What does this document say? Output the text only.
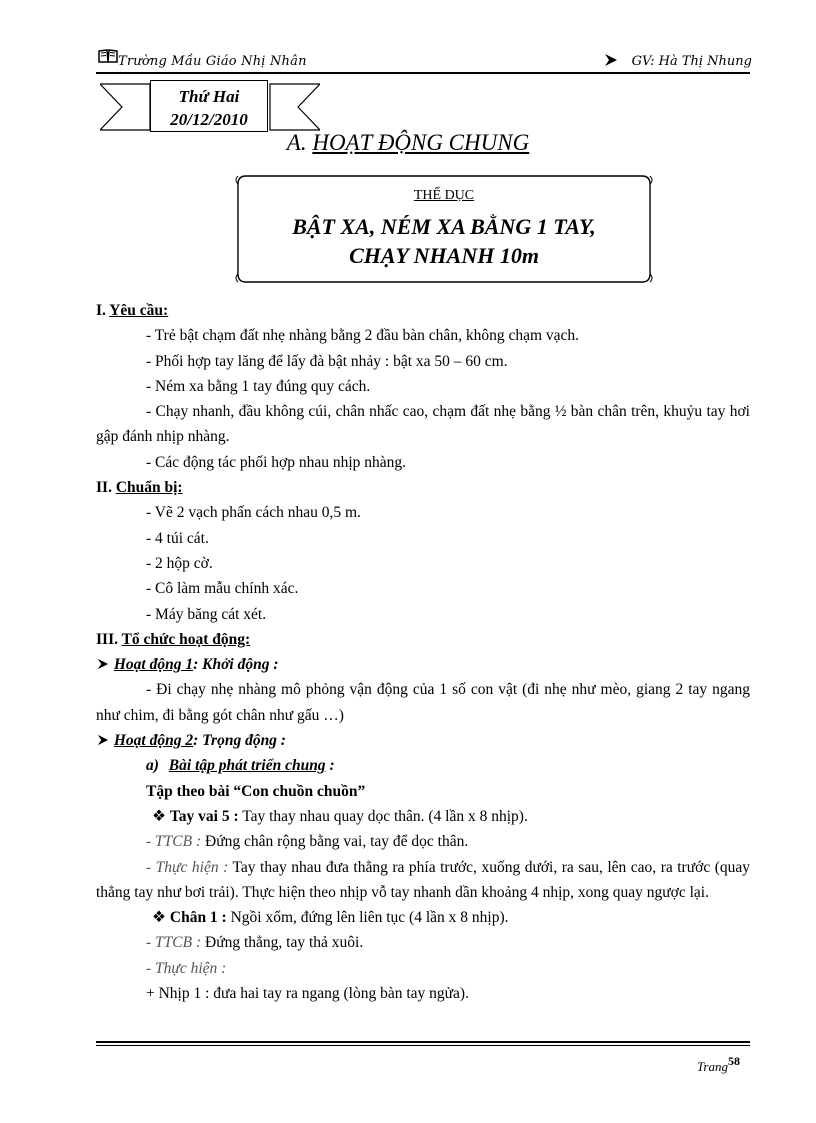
Trường Mầu Giáo Nhị Nhân	GV: Hà Thị Nhung
Thứ Hai
20/12/2010
A. HOẠT ĐỘNG CHUNG
THỂ DỤC
BẬT XA, NÉM XA BẰNG 1 TAY,
CHẠY NHANH 10m

I. Yêu cầu:

- Trẻ bật chạm đất nhẹ nhàng bằng 2 đầu bàn chân, không chạm vạch.

- Phối hợp tay lăng để lấy đà bật nhảy : bật xa 50 – 60 cm.

- Ném xa bằng 1 tay đúng quy cách.

- Chạy nhanh, đầu không cúi, chân nhấc cao, chạm đất nhẹ bằng ½ bàn chân trên, khuỷu tay hơi gập đánh nhịp nhàng.

- Các động tác phối hợp nhau nhịp nhàng.

II. Chuẩn bị:

- Vẽ 2 vạch phấn cách nhau 0,5 m.

- 4 túi cát.

- 2 hộp cờ.

- Cô làm mẫu chính xác.

- Máy băng cát xét.

III. Tổ chức hoạt động:

Hoạt động 1: Khởi động :

- Đi chạy nhẹ nhàng mô phỏng vận động của 1 số con vật (đi nhẹ như mèo, giang 2 tay ngang như chim, đi bằng gót chân như gấu …)

Hoạt động 2: Trọng động :

a) Bài tập phát triển chung :

Tập theo bài “Con chuồn chuồn”

❖ Tay vai 5 : Tay thay nhau quay dọc thân. (4 lần x 8 nhịp).

- TTCB : Đứng chân rộng bằng vai, tay để dọc thân.

- Thực hiện : Tay thay nhau đưa thẳng ra phía trước, xuống dưới, ra sau, lên cao, ra trước (quay thẳng tay như bơi trải). Thực hiện theo nhịp vỗ tay nhanh dần khoảng 4 nhịp, xong quay ngược lại.

❖ Chân 1 : Ngồi xổm, đứng lên liên tục (4 lần x 8 nhịp).

- TTCB : Đứng thẳng, tay thả xuôi.

- Thực hiện :

+ Nhịp 1 : đưa hai tay ra ngang (lòng bàn tay ngửa).

Trang$^{58}$
